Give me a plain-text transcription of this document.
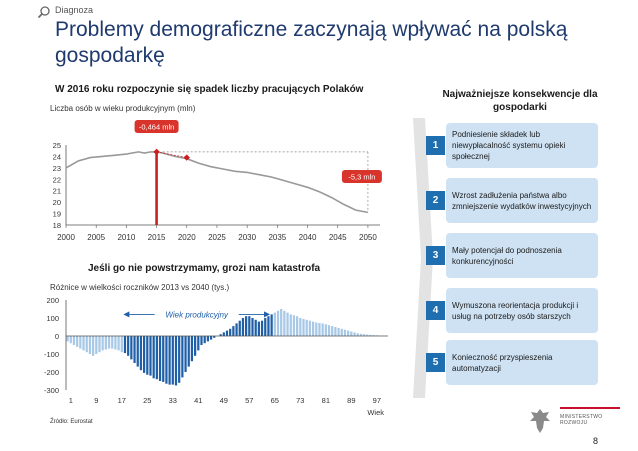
Diagnoza
Problemy demograficzne zaczynają wpływać na polską gospodarkę
W 2016 roku rozpoczynie się spadek liczby pracujących Polaków
Liczba osób w wieku produkcyjnym (mln)
18
19
20
21
22
23
24
25
2000 2005 2010 2015 2020 2025 2030 2035 2040 2045 2050
-0,464 mln
-5,3 mln
Jeśli go nie powstrzymamy, grozi nam katastrofa
Różnice w wielkości roczników 2013 vs 2040 (tys.)
200
100
0
-100
-200
-300
1	9	17 25 33 41 49 57 65 73 81 89 97
Wiek
Wiek produkcyjny
Źródło: Eurostat
Najważniejsze konsekwencje dla gospodarki
1
Podniesienie składek lub niewypłacalność systemu opieki społecznej
2	Wzrost zadłużenia państwa albo zmniejszenie wydatków inwestycyjnych
3	Mały potencjał do podnoszenia konkurencyjności
4	Wymuszona reorientacja produkcji i usług na potrzeby osób starszych
5	Konieczność przyspieszenia automatyzacji
MINISTERSTWO
ROZWOJU
8
